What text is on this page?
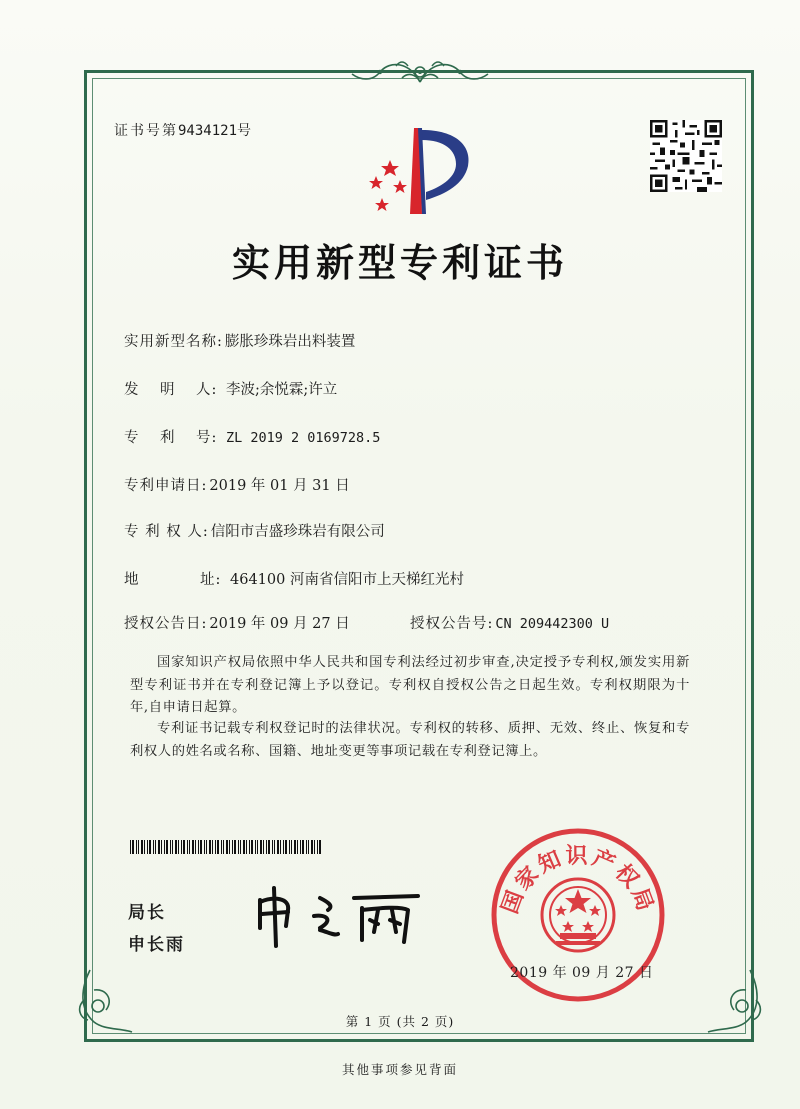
证书号第9434121号
实用新型专利证书
实用新型名称: 膨胀珍珠岩出料装置
发 明 人: 李波;余悦霖;许立
专 利 号: ZL 2019 2 0169728.5
专利申请日: 2019 年 01 月 31 日
专 利 权 人: 信阳市吉盛珍珠岩有限公司
地	址: 464100 河南省信阳市上天梯红光村
授权公告日: 2019 年 09 月 27 日	授权公告号: CN 209442300 U
国家知识产权局依照中华人民共和国专利法经过初步审查,决定授予专利权,颁发实用新型专利证书并在专利登记簿上予以登记。专利权自授权公告之日起生效。专利权期限为十年,自申请日起算。
专利证书记载专利权登记时的法律状况。专利权的转移、质押、无效、终止、恢复和专利权人的姓名或名称、国籍、地址变更等事项记载在专利登记簿上。
局长
申长雨
国家知识产权局
2019 年 09 月 27 日
第 1 页 (共 2 页)
其他事项参见背面
